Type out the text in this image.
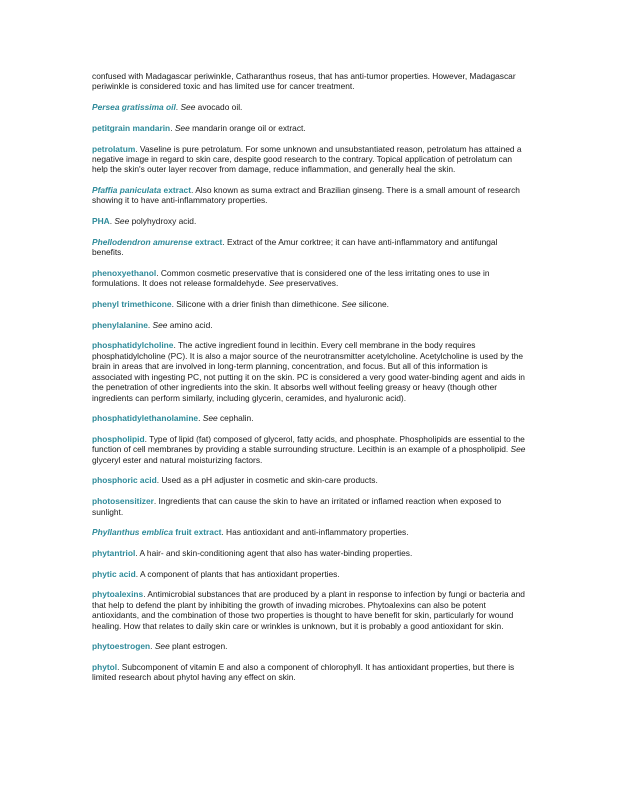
confused with Madagascar periwinkle, Catharanthus roseus, that has anti-tumor properties. However, Madagascar periwinkle is considered toxic and has limited use for cancer treatment.

Persea gratissima oil. See avocado oil.

petitgrain mandarin. See mandarin orange oil or extract.

petrolatum. Vaseline is pure petrolatum. For some unknown and unsubstantiated reason, petrolatum has attained a negative image in regard to skin care, despite good research to the contrary. Topical application of petrolatum can help the skin's outer layer recover from damage, reduce inflammation, and generally heal the skin.

Pfaffia paniculata extract. Also known as suma extract and Brazilian ginseng. There is a small amount of research showing it to have anti-inflammatory properties.

PHA. See polyhydroxy acid.

Phellodendron amurense extract. Extract of the Amur corktree; it can have anti-inflammatory and antifungal benefits.

phenoxyethanol. Common cosmetic preservative that is considered one of the less irritating ones to use in formulations. It does not release formaldehyde. See preservatives.

phenyl trimethicone. Silicone with a drier finish than dimethicone. See silicone.

phenylalanine. See amino acid.

phosphatidylcholine. The active ingredient found in lecithin. Every cell membrane in the body requires phosphatidylcholine (PC). It is also a major source of the neurotransmitter acetylcholine. Acetylcholine is used by the brain in areas that are involved in long-term planning, concentration, and focus. But all of this information is associated with ingesting PC, not putting it on the skin. PC is considered a very good water-binding agent and aids in the penetration of other ingredients into the skin. It absorbs well without feeling greasy or heavy (though other ingredients can perform similarly, including glycerin, ceramides, and hyaluronic acid).

phosphatidylethanolamine. See cephalin.

phospholipid. Type of lipid (fat) composed of glycerol, fatty acids, and phosphate. Phospholipids are essential to the function of cell membranes by providing a stable surrounding structure. Lecithin is an example of a phospholipid. See glyceryl ester and natural moisturizing factors.

phosphoric acid. Used as a pH adjuster in cosmetic and skin-care products.

photosensitizer. Ingredients that can cause the skin to have an irritated or inflamed reaction when exposed to sunlight.

Phyllanthus emblica fruit extract. Has antioxidant and anti-inflammatory properties.

phytantriol. A hair- and skin-conditioning agent that also has water-binding properties.

phytic acid. A component of plants that has antioxidant properties.

phytoalexins. Antimicrobial substances that are produced by a plant in response to infection by fungi or bacteria and that help to defend the plant by inhibiting the growth of invading microbes. Phytoalexins can also be potent antioxidants, and the combination of those two properties is thought to have benefit for skin, particularly for wound healing. How that relates to daily skin care or wrinkles is unknown, but it is probably a good antioxidant for skin.

phytoestrogen. See plant estrogen.

phytol. Subcomponent of vitamin E and also a component of chlorophyll. It has antioxidant properties, but there is limited research about phytol having any effect on skin.
